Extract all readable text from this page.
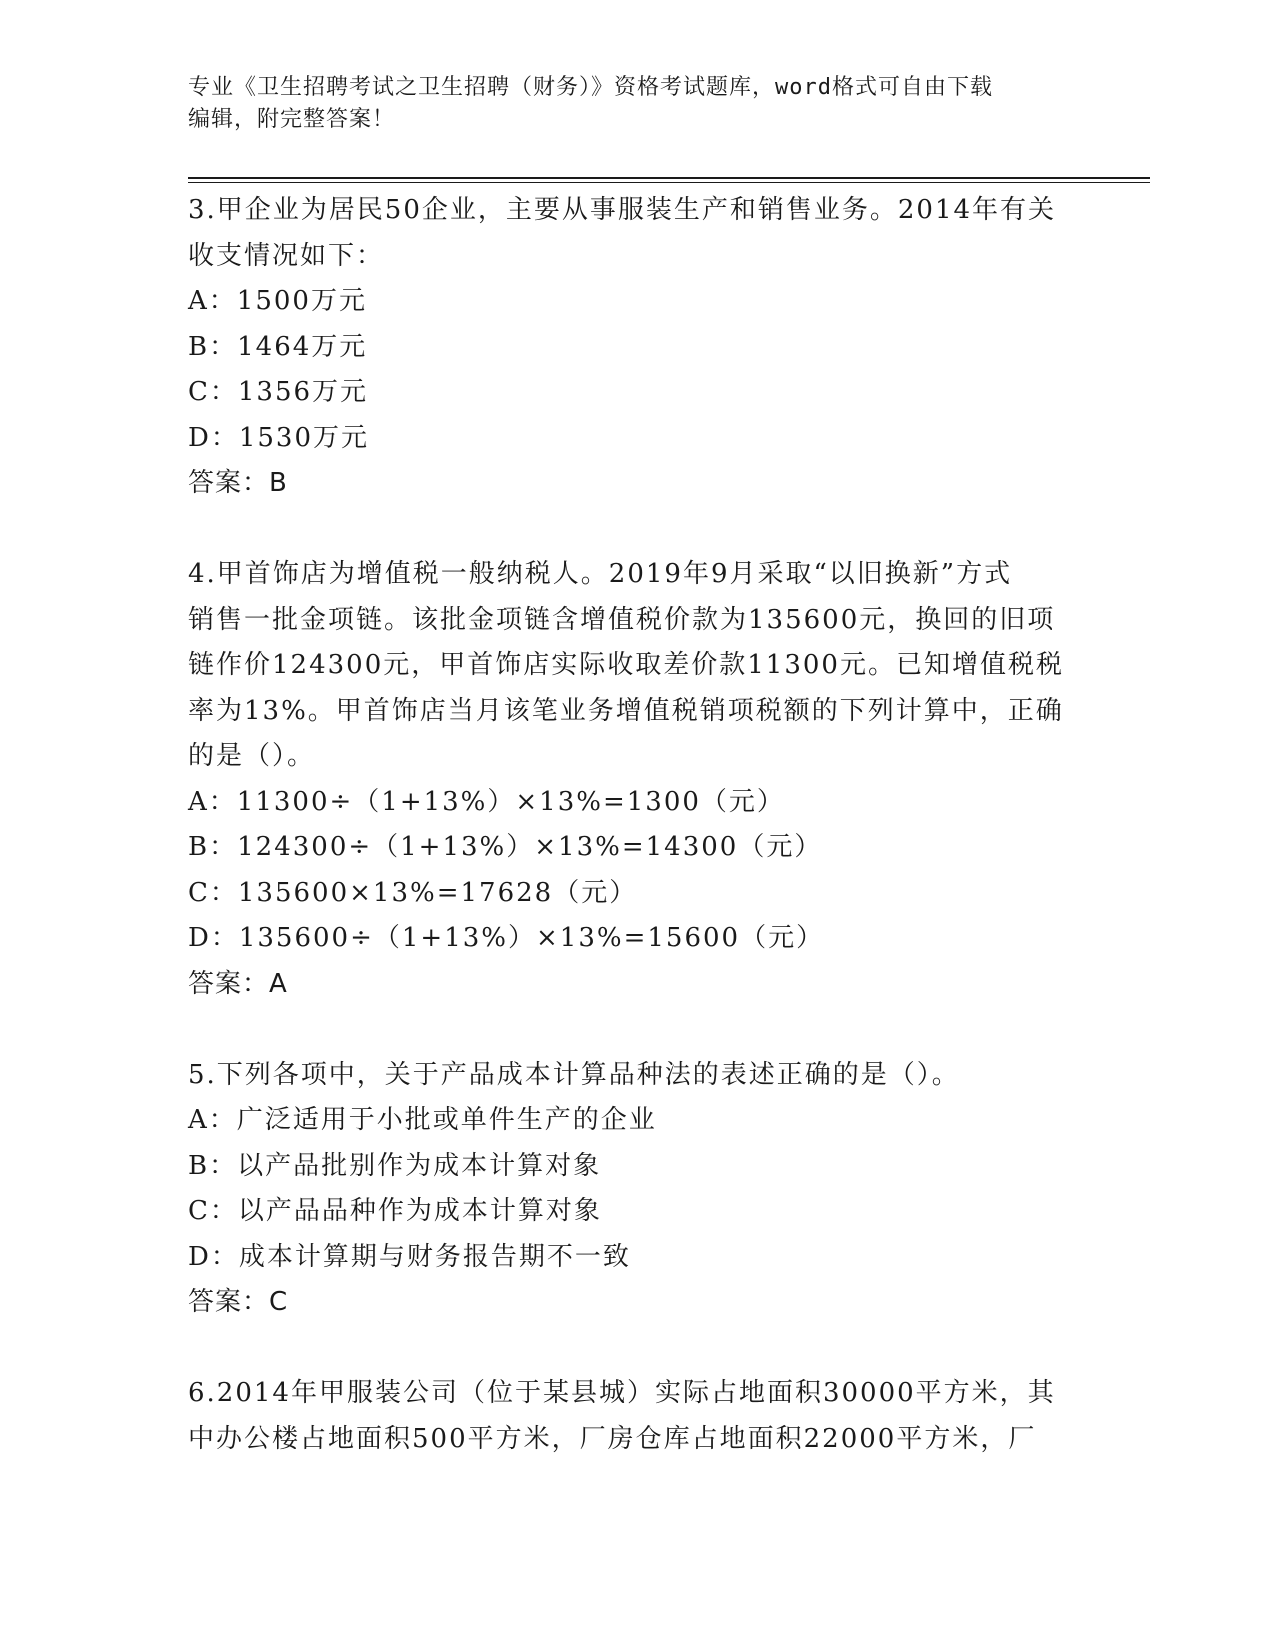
专业《卫生招聘考试之卫生招聘（财务）》资格考试题库，word格式可自由下载
编辑，附完整答案！

3.甲企业为居民50企业，主要从事服装生产和销售业务。2014年有关

收支情况如下：

A：1500万元

B：1464万元

C：1356万元

D：1530万元

答案：B

4.甲首饰店为增值税一般纳税人。2019年9月采取“以旧换新”方式

销售一批金项链。该批金项链含增值税价款为135600元，换回的旧项

链作价124300元，甲首饰店实际收取差价款11300元。已知增值税税

率为13%。甲首饰店当月该笔业务增值税销项税额的下列计算中，正确

的是（）。

A：11300÷（1+13%）×13%=1300（元）

B：124300÷（1+13%）×13%=14300（元）

C：135600×13%=17628（元）

D：135600÷（1+13%）×13%=15600（元）

答案：A

5.下列各项中，关于产品成本计算品种法的表述正确的是（）。

A：广泛适用于小批或单件生产的企业

B：以产品批别作为成本计算对象

C：以产品品种作为成本计算对象

D：成本计算期与财务报告期不一致

答案：C

6.2014年甲服装公司（位于某县城）实际占地面积30000平方米，其

中办公楼占地面积500平方米，厂房仓库占地面积22000平方米，厂
